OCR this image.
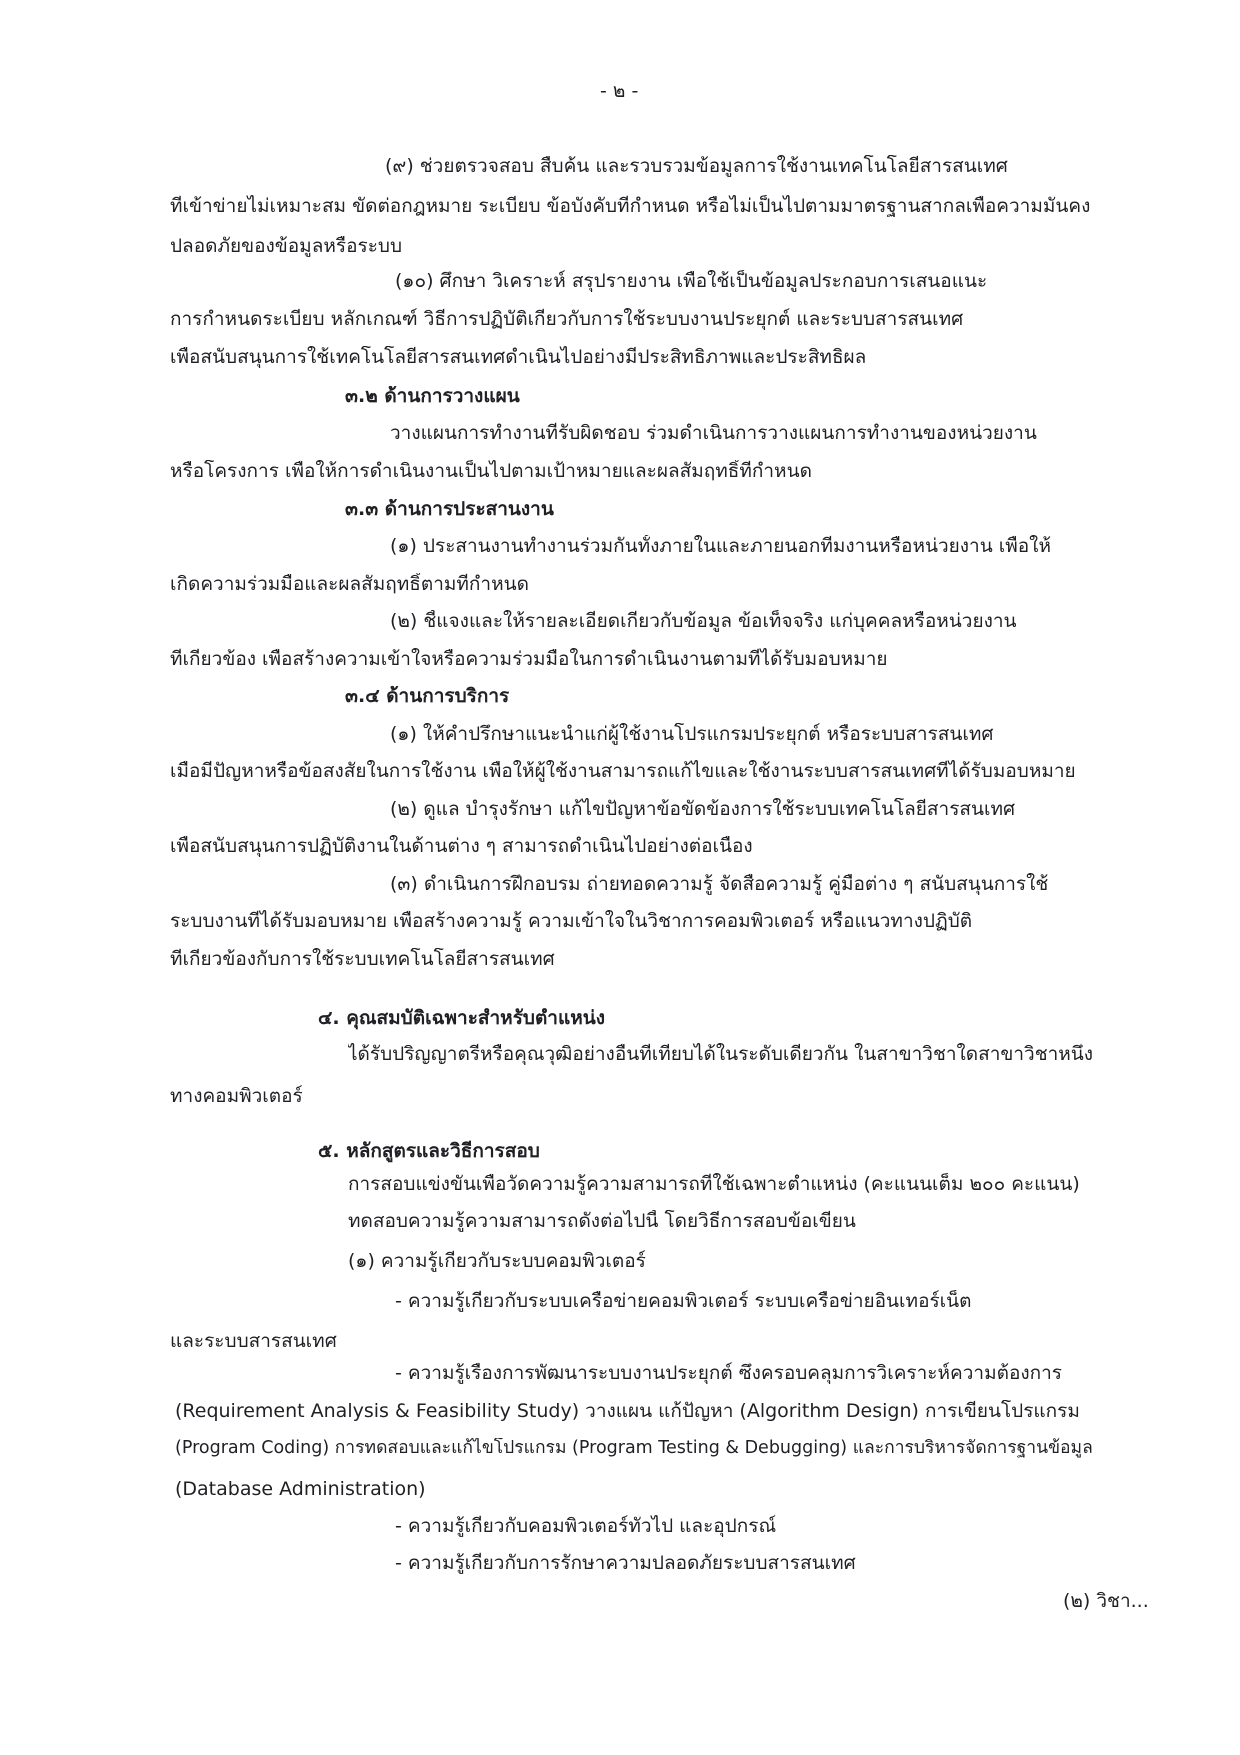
- ๒ -

(๙) ช่วยตรวจสอบ สืบค้น และรวบรวมข้อมูลการใช้งานเทคโนโลยีสารสนเทศ

ที่เข้าข่ายไม่เหมาะสม ขัดต่อกฎหมาย ระเบียบ ข้อบังคับที่กำหนด หรือไม่เป็นไปตามมาตรฐานสากลเพื่อความมั่นคง

ปลอดภัยของข้อมูลหรือระบบ

(๑๐) ศึกษา วิเคราะห์ สรุปรายงาน เพื่อใช้เป็นข้อมูลประกอบการเสนอแนะ

การกำหนดระเบียบ หลักเกณฑ์ วิธีการปฏิบัติเกี่ยวกับการใช้ระบบงานประยุกต์ และระบบสารสนเทศ

เพื่อสนับสนุนการใช้เทคโนโลยีสารสนเทศดำเนินไปอย่างมีประสิทธิภาพและประสิทธิผล

๓.๒ ด้านการวางแผน

วางแผนการทำงานที่รับผิดชอบ ร่วมดำเนินการวางแผนการทำงานของหน่วยงาน

หรือโครงการ เพื่อให้การดำเนินงานเป็นไปตามเป้าหมายและผลสัมฤทธิ์ที่กำหนด

๓.๓ ด้านการประสานงาน

(๑) ประสานงานทำงานร่วมกันทั้งภายในและภายนอกทีมงานหรือหน่วยงาน เพื่อให้

เกิดความร่วมมือและผลสัมฤทธิ์ตามที่กำหนด

(๒) ชี้แจงและให้รายละเอียดเกี่ยวกับข้อมูล ข้อเท็จจริง แก่บุคคลหรือหน่วยงาน

ที่เกี่ยวข้อง เพื่อสร้างความเข้าใจหรือความร่วมมือในการดำเนินงานตามที่ได้รับมอบหมาย

๓.๔ ด้านการบริการ

(๑) ให้คำปรึกษาแนะนำแก่ผู้ใช้งานโปรแกรมประยุกต์ หรือระบบสารสนเทศ

เมื่อมีปัญหาหรือข้อสงสัยในการใช้งาน เพื่อให้ผู้ใช้งานสามารถแก้ไขและใช้งานระบบสารสนเทศที่ได้รับมอบหมาย

(๒) ดูแล บำรุงรักษา แก้ไขปัญหาข้อขัดข้องการใช้ระบบเทคโนโลยีสารสนเทศ

เพื่อสนับสนุนการปฏิบัติงานในด้านต่าง ๆ สามารถดำเนินไปอย่างต่อเนื่อง

(๓) ดำเนินการฝึกอบรม ถ่ายทอดความรู้ จัดสื่อความรู้ คู่มือต่าง ๆ สนับสนุนการใช้

ระบบงานที่ได้รับมอบหมาย เพื่อสร้างความรู้ ความเข้าใจในวิชาการคอมพิวเตอร์ หรือแนวทางปฏิบัติ

ที่เกี่ยวข้องกับการใช้ระบบเทคโนโลยีสารสนเทศ

๔. คุณสมบัติเฉพาะสำหรับตำแหน่ง

ได้รับปริญญาตรีหรือคุณวุฒิอย่างอื่นที่เทียบได้ในระดับเดียวกัน ในสาขาวิชาใดสาขาวิชาหนึ่ง

ทางคอมพิวเตอร์

๕. หลักสูตรและวิธีการสอบ

การสอบแข่งขันเพื่อวัดความรู้ความสามารถที่ใช้เฉพาะตำแหน่ง (คะแนนเต็ม ๒๐๐ คะแนน)

ทดสอบความรู้ความสามารถดังต่อไปนี้ โดยวิธีการสอบข้อเขียน

(๑) ความรู้เกี่ยวกับระบบคอมพิวเตอร์

- ความรู้เกี่ยวกับระบบเครือข่ายคอมพิวเตอร์ ระบบเครือข่ายอินเทอร์เน็ต

และระบบสารสนเทศ

- ความรู้เรื่องการพัฒนาระบบงานประยุกต์ ซึ่งครอบคลุมการวิเคราะห์ความต้องการ

(Requirement Analysis & Feasibility Study) วางแผน แก้ปัญหา (Algorithm Design) การเขียนโปรแกรม

(Program Coding) การทดสอบและแก้ไขโปรแกรม (Program Testing & Debugging) และการบริหารจัดการฐานข้อมูล

(Database Administration)

- ความรู้เกี่ยวกับคอมพิวเตอร์ทั่วไป และอุปกรณ์

- ความรู้เกี่ยวกับการรักษาความปลอดภัยระบบสารสนเทศ

(๒) วิชา...
